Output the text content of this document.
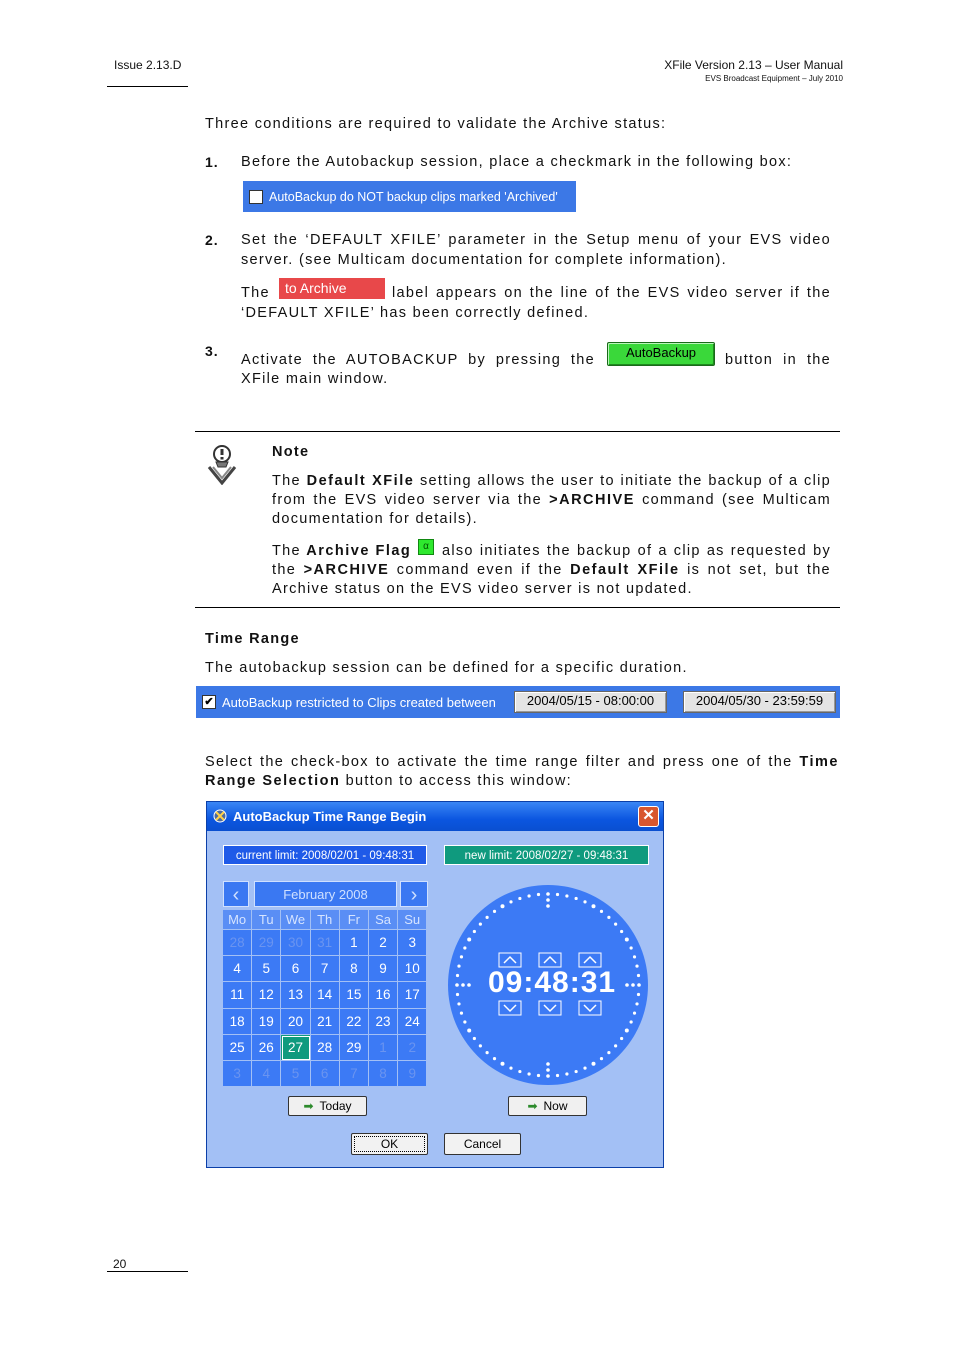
Issue 2.13.D	XFile Version 2.13 – User Manual
EVS Broadcast Equipment – July 2010
Three conditions are required to validate the Archive status:
1. Before the Autobackup session, place a checkmark in the following box:
AutoBackup do NOT backup clips marked 'Archived'
2. Set the ‘DEFAULT XFILE’ parameter in the Setup menu of your EVS video
server. (see Multicam documentation for complete information).
The	to Archive	label appears on the line of the EVS video server if the
‘DEFAULT XFILE’ has been correctly defined.
3.
Activate the AUTOBACKUP by pressing the	AutoBackup	button in the
XFile main window.
Note
The Default XFile setting allows the user to initiate the backup of a clip
from the EVS video server via the >ARCHIVE command (see Multicam
documentation for details).
The Archive Flag	α also initiates the backup of a clip as requested by
the >ARCHIVE command even if the Default XFile is not set, but the
Archive status on the EVS video server is not updated.
Time Range
The autobackup session can be defined for a specific duration.
✔ AutoBackup restricted to Clips created between	2004/05/15 - 08:00:00	2004/05/30 - 23:59:59
Select the check-box to activate the time range filter and press one of the Time
Range Selection button to access this window:
AutoBackup Time Range Begin	✕
current limit: 2008/02/01 - 09:48:31	new limit: 2008/02/27 - 09:48:31
‹	February 2008	›
Mo Tu We Th	Fr	Sa	Su
28	29	30	31	1	2	3
4	5	6	7	8	9	10
11	12	13	14	15	16	17
18	19	20	21	22	23	24
25	26	27	28	29	1	2
3	4	5	6	7	8	9
09:48:31
➡ Today	➡ Now
OK	Cancel
20
